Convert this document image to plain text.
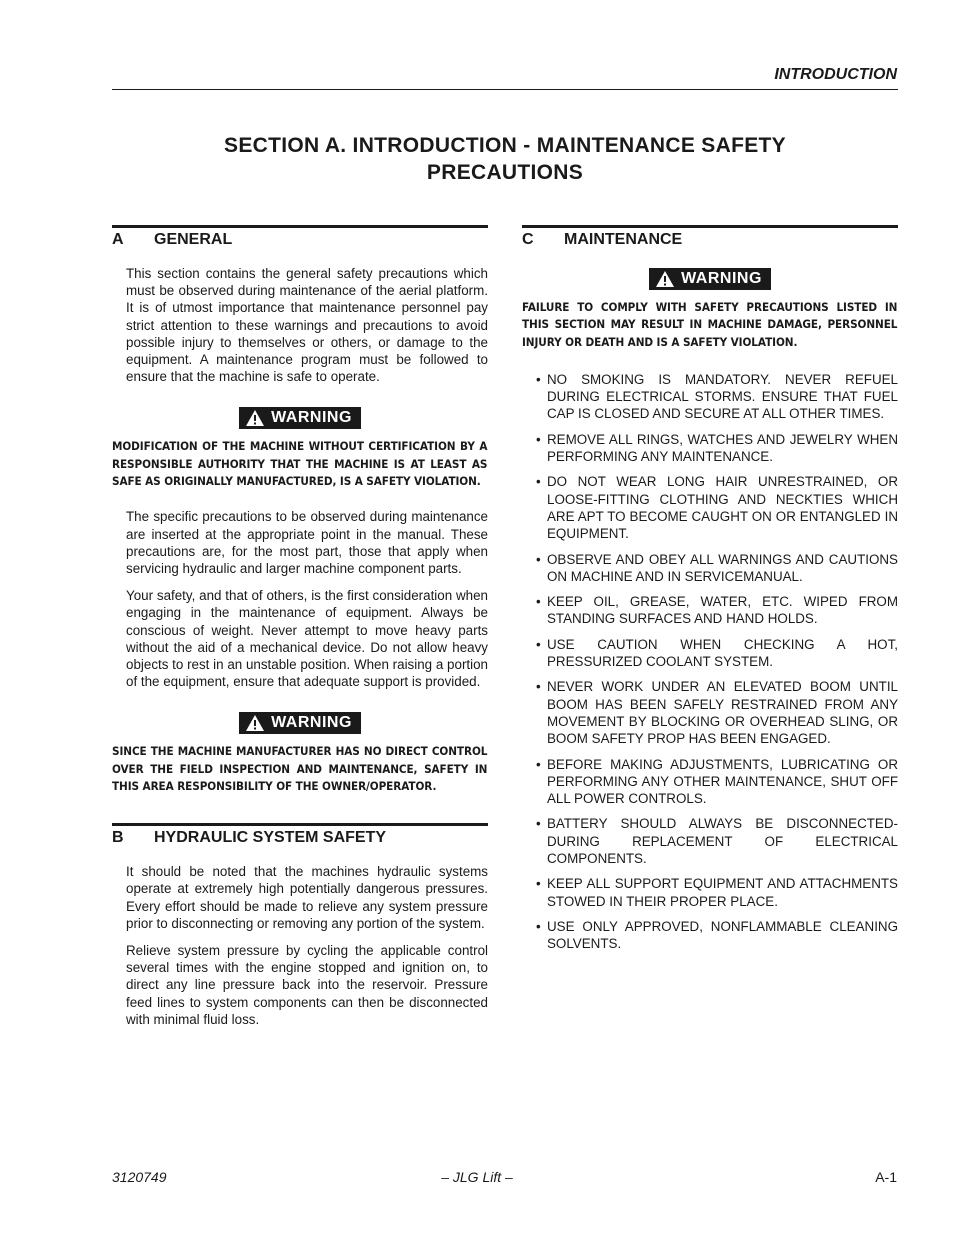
INTRODUCTION
SECTION A. INTRODUCTION - MAINTENANCE SAFETY
PRECAUTIONS
A	GENERAL

This section contains the general safety precautions which must be observed during maintenance of the aerial platform. It is of utmost importance that maintenance personnel pay strict attention to these warnings and precautions to avoid possible injury to themselves or others, or damage to the equipment. A maintenance program must be followed to ensure that the machine is safe to operate.

WARNING
MODIFICATION OF THE MACHINE WITHOUT CERTIFICATION BY A RESPONSIBLE AUTHORITY THAT THE MACHINE IS AT LEAST AS SAFE AS ORIGINALLY MANUFACTURED, IS A SAFETY VIOLATION.

The specific precautions to be observed during maintenance are inserted at the appropriate point in the manual. These precautions are, for the most part, those that apply when servicing hydraulic and larger machine component parts.

Your safety, and that of others, is the first consideration when engaging in the maintenance of equipment. Always be conscious of weight. Never attempt to move heavy parts without the aid of a mechanical device. Do not allow heavy objects to rest in an unstable position. When raising a portion of the equipment, ensure that adequate support is provided.

WARNING
SINCE THE MACHINE MANUFACTURER HAS NO DIRECT CONTROL OVER THE FIELD INSPECTION AND MAINTENANCE, SAFETY IN THIS AREA RESPONSIBILITY OF THE OWNER/OPERATOR.
B	HYDRAULIC SYSTEM SAFETY

It should be noted that the machines hydraulic systems operate at extremely high potentially dangerous pressures. Every effort should be made to relieve any system pressure prior to disconnecting or removing any portion of the system.

Relieve system pressure by cycling the applicable control several times with the engine stopped and ignition on, to direct any line pressure back into the reservoir. Pressure feed lines to system components can then be disconnected with minimal fluid loss.

C	MAINTENANCE
WARNING
FAILURE TO COMPLY WITH SAFETY PRECAUTIONS LISTED IN THIS SECTION MAY RESULT IN MACHINE DAMAGE, PERSONNEL INJURY OR DEATH AND IS A SAFETY VIOLATION.
• NO SMOKING IS MANDATORY. NEVER REFUEL DURING ELECTRICAL STORMS. ENSURE THAT FUEL CAP IS CLOSED AND SECURE AT ALL OTHER TIMES.
• REMOVE ALL RINGS, WATCHES AND JEWELRY WHEN PERFORMING ANY MAINTENANCE.
• DO NOT WEAR LONG HAIR UNRESTRAINED, OR LOOSE-FITTING CLOTHING AND NECKTIES WHICH ARE APT TO BECOME CAUGHT ON OR ENTANGLED IN EQUIPMENT.
• OBSERVE AND OBEY ALL WARNINGS AND CAUTIONS ON MACHINE AND IN SERVICEMANUAL.
• KEEP OIL, GREASE, WATER, ETC. WIPED FROM STANDING SURFACES AND HAND HOLDS.
• USE CAUTION WHEN CHECKING A HOT, PRESSURIZED COOLANT SYSTEM.
• NEVER WORK UNDER AN ELEVATED BOOM UNTIL BOOM HAS BEEN SAFELY RESTRAINED FROM ANY MOVEMENT BY BLOCKING OR OVERHEAD SLING, OR BOOM SAFETY PROP HAS BEEN ENGAGED.
• BEFORE MAKING ADJUSTMENTS, LUBRICATING OR PERFORMING ANY OTHER MAINTENANCE, SHUT OFF ALL POWER CONTROLS.
• BATTERY SHOULD ALWAYS BE DISCONNECTED-DURING REPLACEMENT OF ELECTRICAL COMPONENTS.
• KEEP ALL SUPPORT EQUIPMENT AND ATTACHMENTS STOWED IN THEIR PROPER PLACE.
• USE ONLY APPROVED, NONFLAMMABLE CLEANING SOLVENTS.
3120749	– JLG Lift –	A-1
